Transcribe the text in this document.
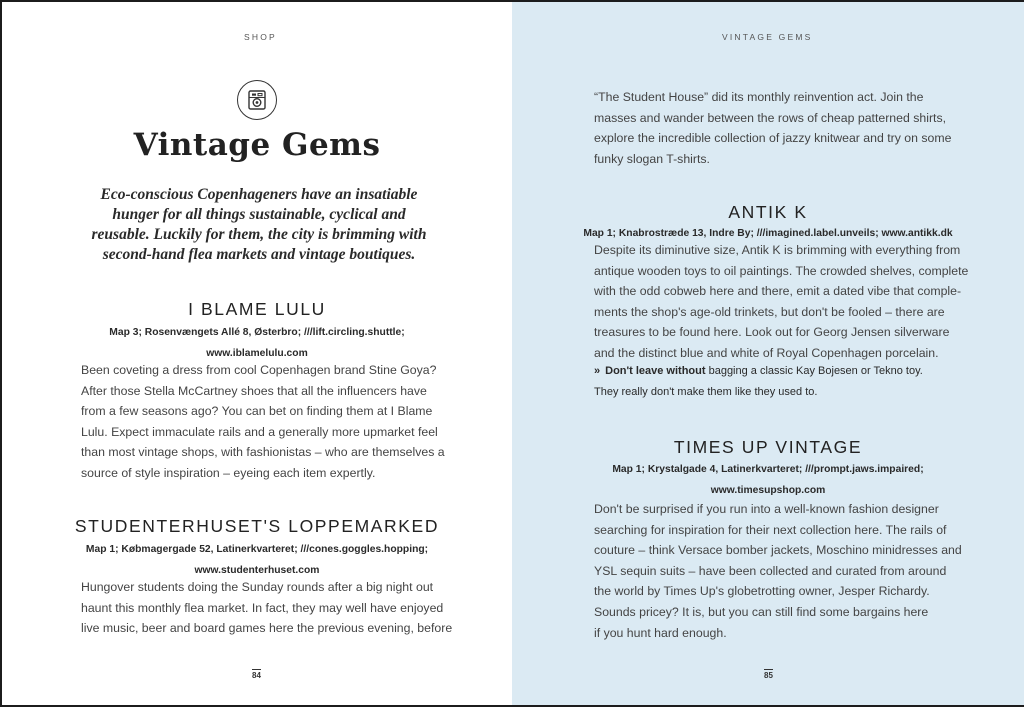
SHOP
Vintage Gems
Eco-conscious Copenhageners have an insatiable hunger for all things sustainable, cyclical and reusable. Luckily for them, the city is brimming with second-hand flea markets and vintage boutiques.
I BLAME LULU
Map 3; Rosenvængets Allé 8, Østerbro; ///lift.circling.shuttle;
www.iblamelulu.com

Been coveting a dress from cool Copenhagen brand Stine Goya?

After those Stella McCartney shoes that all the influencers have

from a few seasons ago? You can bet on finding them at I Blame

Lulu. Expect immaculate rails and a generally more upmarket feel

than most vintage shops, with fashionistas – who are themselves a

source of style inspiration – eyeing each item expertly.

STUDENTERHUSET'S LOPPEMARKED
Map 1; Købmagergade 52, Latinerkvarteret; ///cones.goggles.hopping;
www.studenterhuset.com

Hungover students doing the Sunday rounds after a big night out

haunt this monthly flea market. In fact, they may well have enjoyed

live music, beer and board games here the previous evening, before

84
VINTAGE GEMS

“The Student House” did its monthly reinvention act. Join the

masses and wander between the rows of cheap patterned shirts,

explore the incredible collection of jazzy knitwear and try on some

funky slogan T-shirts.

ANTIK K
Map 1; Knabrostræde 13, Indre By; ///imagined.label.unveils; www.antikk.dk

Despite its diminutive size, Antik K is brimming with everything from

antique wooden toys to oil paintings. The crowded shelves, complete

with the odd cobweb here and there, emit a dated vibe that comple-

ments the shop's age-old trinkets, but don't be fooled – there are

treasures to be found here. Look out for Georg Jensen silverware

and the distinct blue and white of Royal Copenhagen porcelain.

» Don't leave without bagging a classic Kay Bojesen or Tekno toy.
They really don't make them like they used to.
TIMES UP VINTAGE
Map 1; Krystalgade 4, Latinerkvarteret; ///prompt.jaws.impaired;
www.timesupshop.com

Don't be surprised if you run into a well-known fashion designer

searching for inspiration for their next collection here. The rails of

couture – think Versace bomber jackets, Moschino minidresses and

YSL sequin suits – have been collected and curated from around

the world by Times Up's globetrotting owner, Jesper Richardy.

Sounds pricey? It is, but you can still find some bargains here

if you hunt hard enough.

85
